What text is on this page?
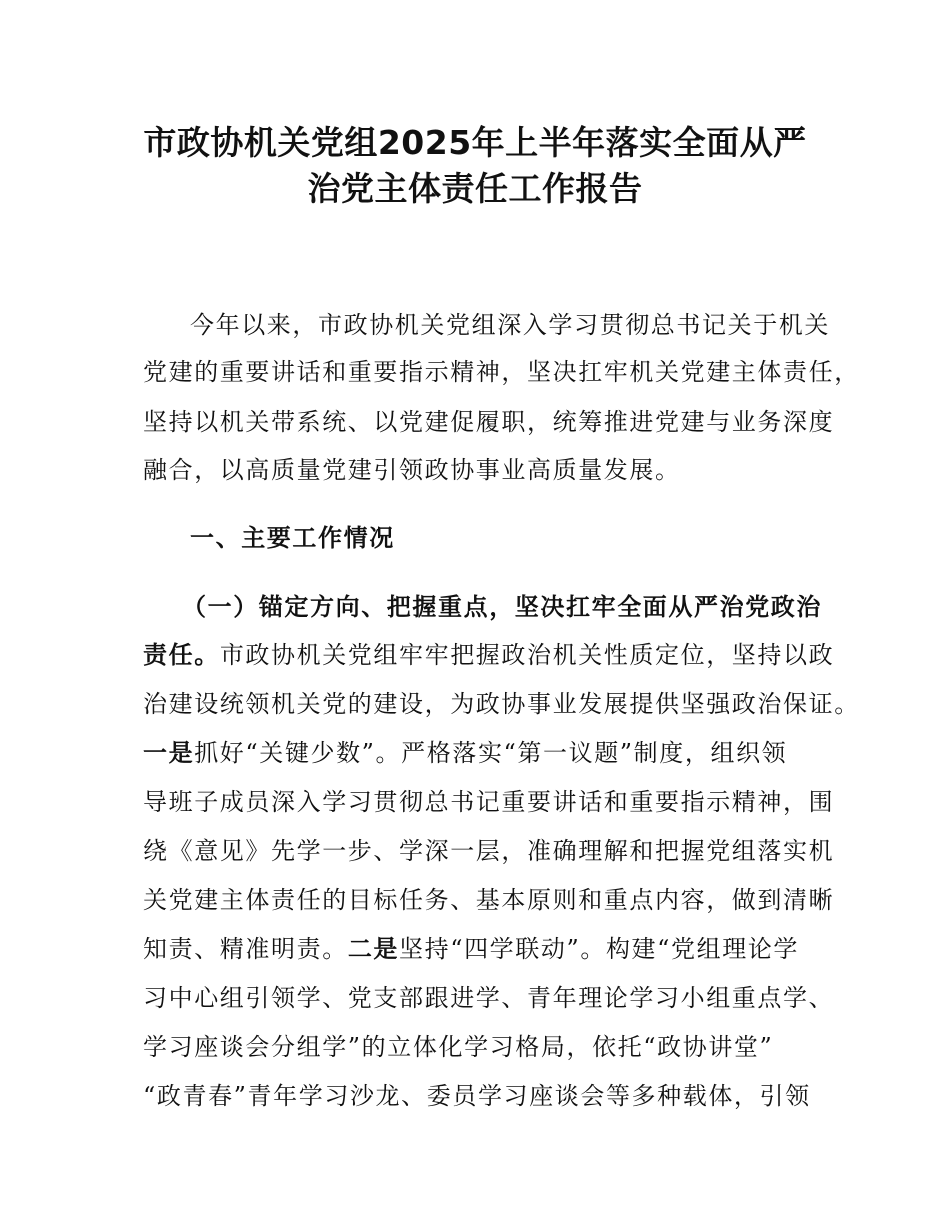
市政协机关党组2025年上半年落实全面从严
治党主体责任工作报告
今年以来，市政协机关党组深入学习贯彻总书记关于机关
党建的重要讲话和重要指示精神，坚决扛牢机关党建主体责任，
坚持以机关带系统、以党建促履职，统筹推进党建与业务深度
融合，以高质量党建引领政协事业高质量发展。
一、主要工作情况
（一）锚定方向、把握重点，坚决扛牢全面从严治党政治
责任。市政协机关党组牢牢把握政治机关性质定位，坚持以政
治建设统领机关党的建设，为政协事业发展提供坚强政治保证。
一是抓好“关键少数”。严格落实“第一议题”制度，组织领
导班子成员深入学习贯彻总书记重要讲话和重要指示精神，围
绕《意见》先学一步、学深一层，准确理解和把握党组落实机
关党建主体责任的目标任务、基本原则和重点内容，做到清晰
知责、精准明责。二是坚持“四学联动”。构建“党组理论学
习中心组引领学、党支部跟进学、青年理论学习小组重点学、
学习座谈会分组学”的立体化学习格局，依托“政协讲堂”
“政青春”青年学习沙龙、委员学习座谈会等多种载体，引领
